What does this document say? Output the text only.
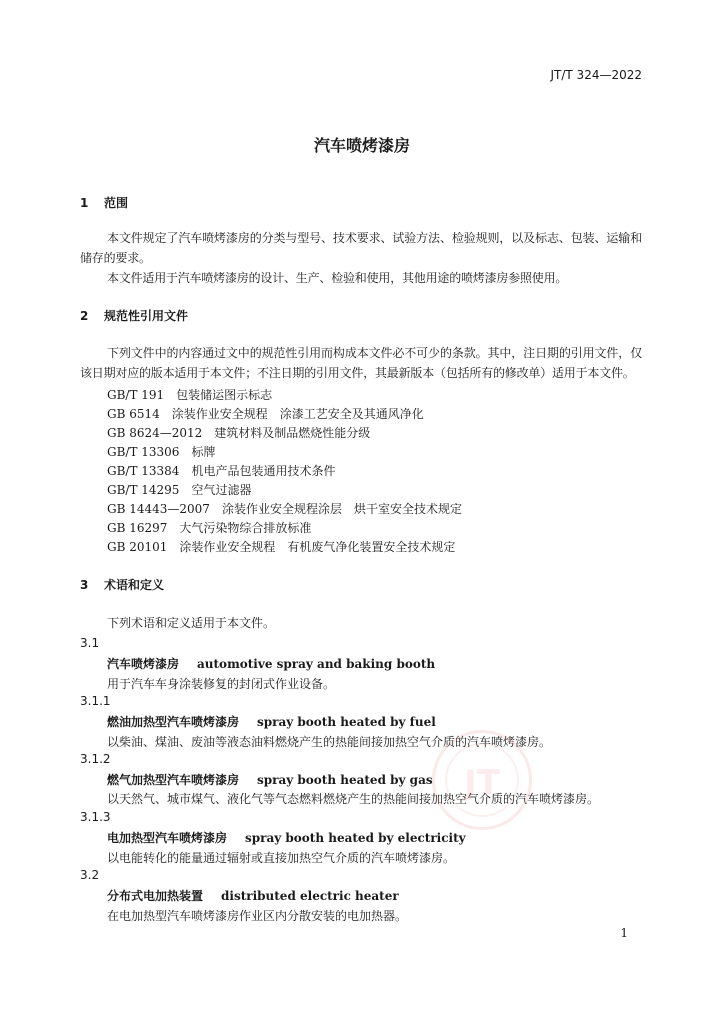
JT/T 324—2022
汽车喷烤漆房
1 范围
本文件规定了汽车喷烤漆房的分类与型号、技术要求、试验方法、检验规则，以及标志、包装、运输和储存的要求。
本文件适用于汽车喷烤漆房的设计、生产、检验和使用，其他用途的喷烤漆房参照使用。
2 规范性引用文件
下列文件中的内容通过文中的规范性引用而构成本文件必不可少的条款。其中，注日期的引用文件，仅该日期对应的版本适用于本文件；不注日期的引用文件，其最新版本（包括所有的修改单）适用于本文件。
GB/T 191 包装储运图示标志
GB 6514 涂装作业安全规程　涂漆工艺安全及其通风净化
GB 8624—2012 建筑材料及制品燃烧性能分级
GB/T 13306 标牌
GB/T 13384 机电产品包装通用技术条件
GB/T 14295 空气过滤器
GB 14443—2007 涂装作业安全规程涂层　烘干室安全技术规定
GB 16297 大气污染物综合排放标准
GB 20101 涂装作业安全规程　有机废气净化装置安全技术规定
3 术语和定义
下列术语和定义适用于本文件。
3.1
汽车喷烤漆房 automotive spray and baking booth
用于汽车车身涂装修复的封闭式作业设备。
3.1.1
燃油加热型汽车喷烤漆房 spray booth heated by fuel
以柴油、煤油、废油等液态油料燃烧产生的热能间接加热空气介质的汽车喷烤漆房。
3.1.2
燃气加热型汽车喷烤漆房 spray booth heated by gas
以天然气、城市煤气、液化气等气态燃料燃烧产生的热能间接加热空气介质的汽车喷烤漆房。
3.1.3
电加热型汽车喷烤漆房 spray booth heated by electricity
以电能转化的能量通过辐射或直接加热空气介质的汽车喷烤漆房。
3.2
分布式电加热装置 distributed electric heater
在电加热型汽车喷烤漆房作业区内分散安装的电加热器。
JT
1
